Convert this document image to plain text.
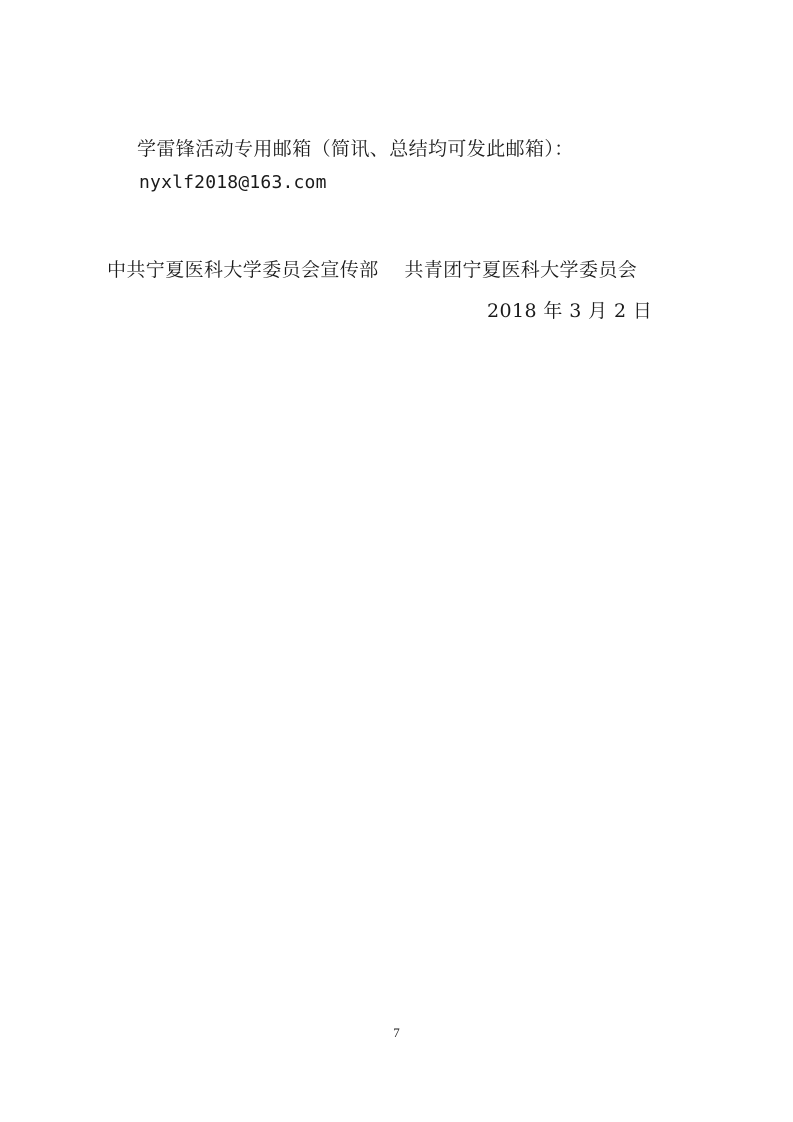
学雷锋活动专用邮箱（简讯、总结均可发此邮箱）：
nyxlf2018@163.com
中共宁夏医科大学委员会宣传部    共青团宁夏医科大学委员会
2018 年 3 月 2 日
7
